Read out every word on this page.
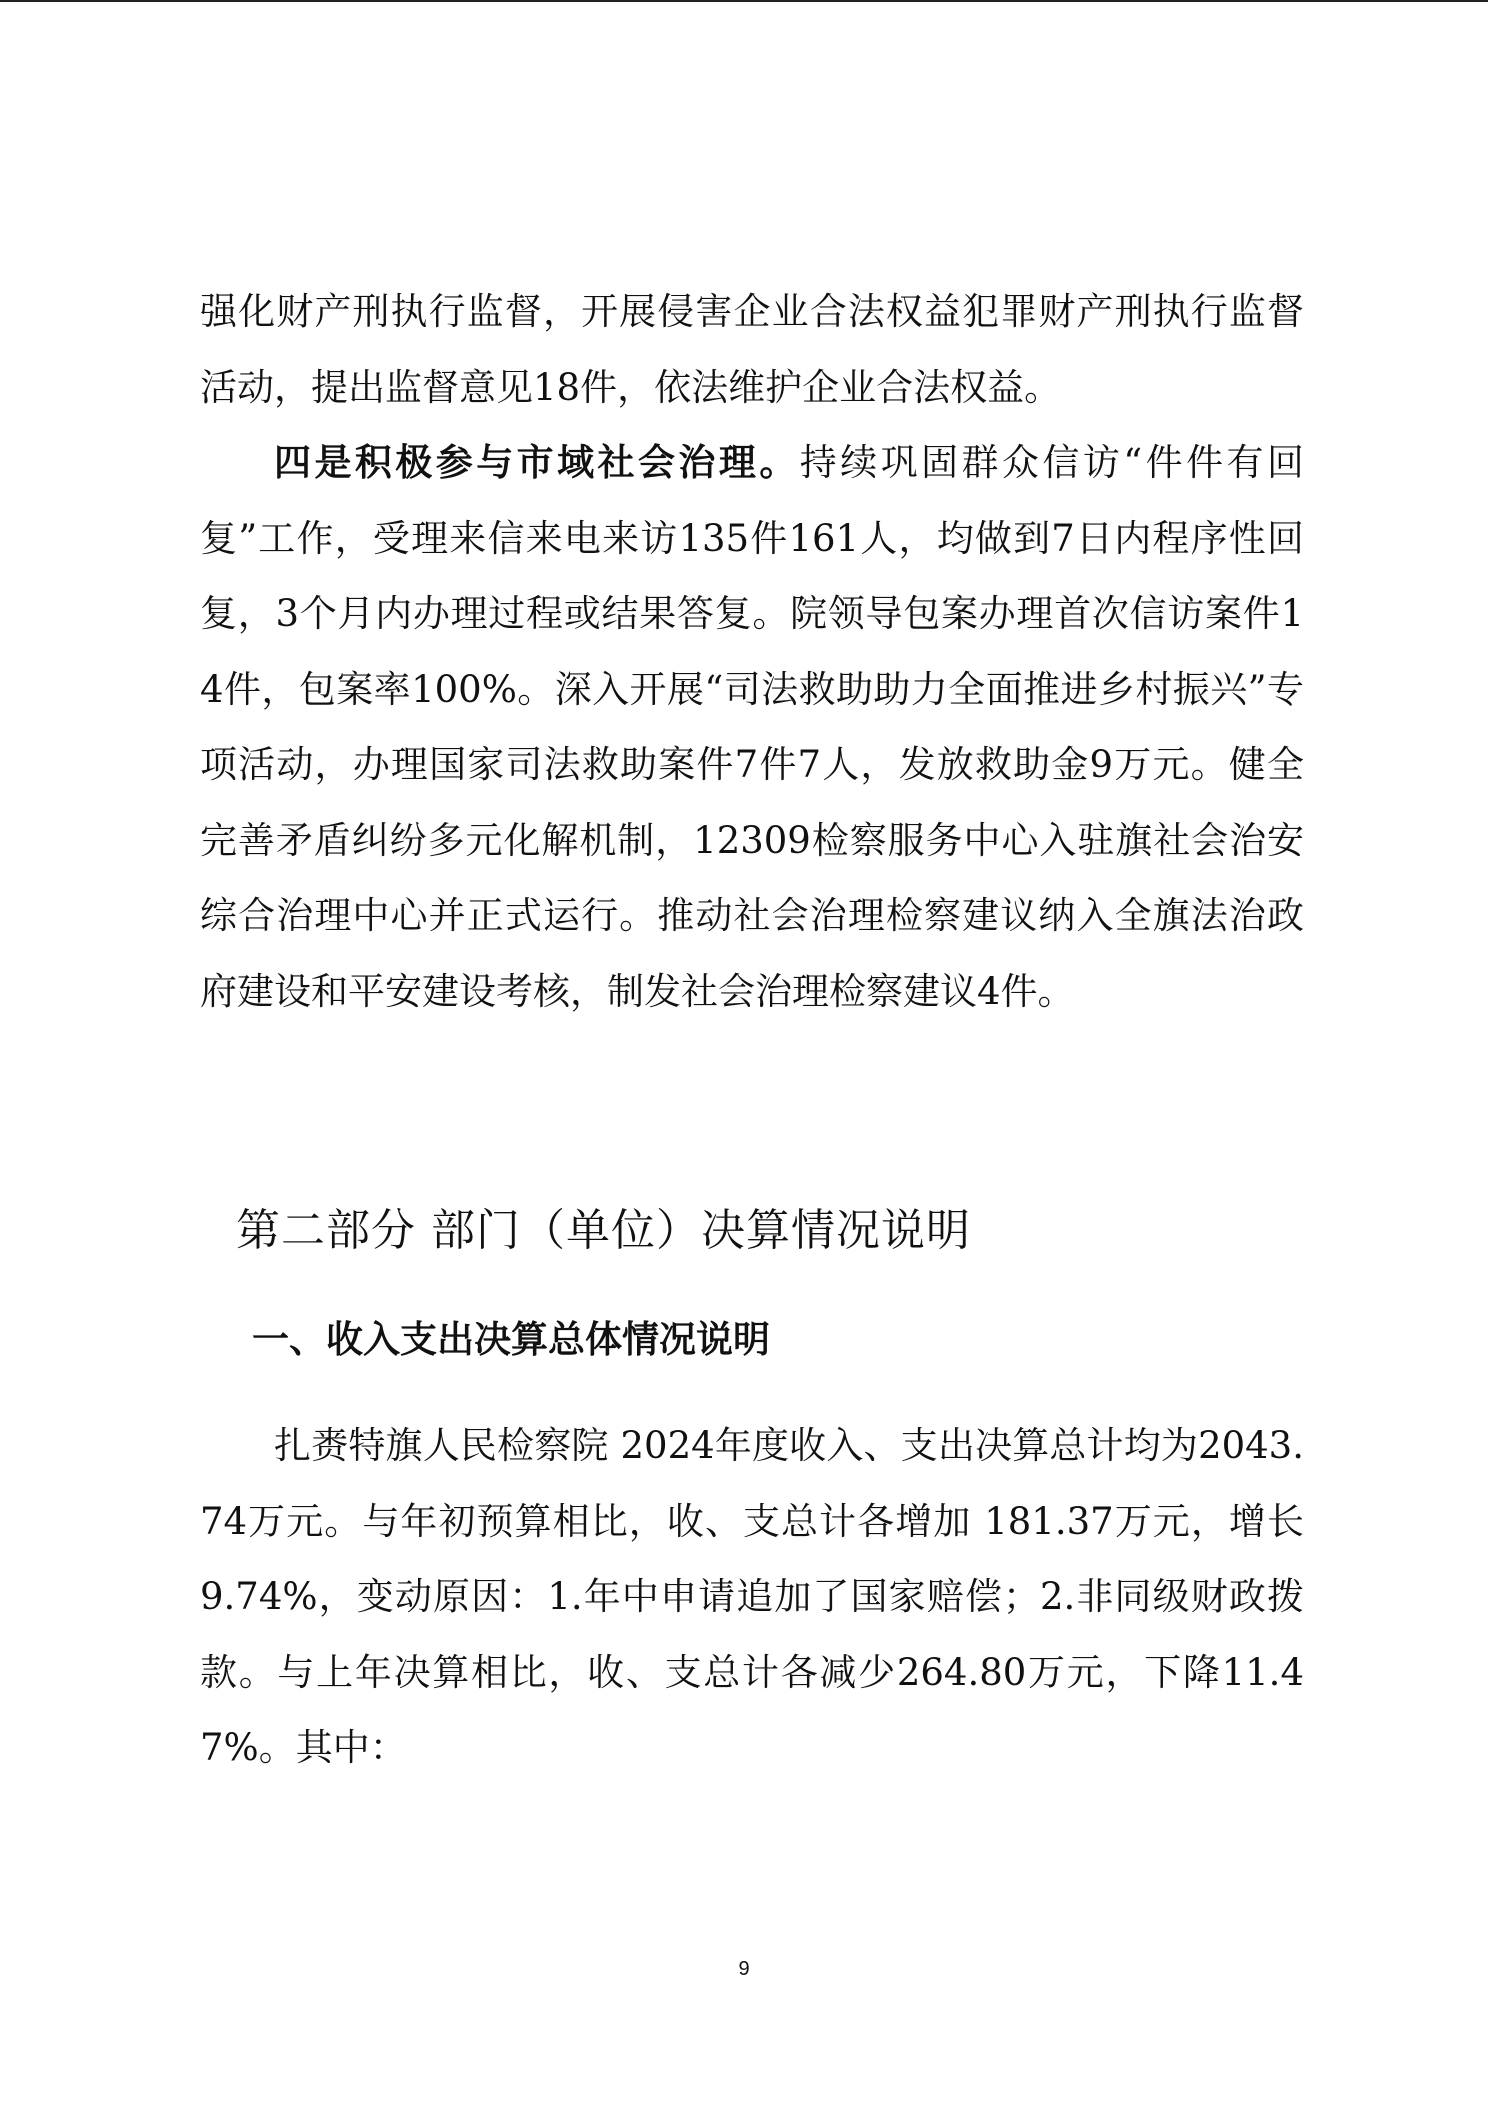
强化财产刑执行监督，开展侵害企业合法权益犯罪财产刑执行监督活动，提出监督意见18件，依法维护企业合法权益。

四是积极参与市域社会治理。持续巩固群众信访“件件有回复”工作，受理来信来电来访135件161人，均做到7日内程序性回复，3个月内办理过程或结果答复。院领导包案办理首次信访案件14件，包案率100%。深入开展“司法救助助力全面推进乡村振兴”专项活动，办理国家司法救助案件7件7人，发放救助金9万元。健全完善矛盾纠纷多元化解机制，12309检察服务中心入驻旗社会治安综合治理中心并正式运行。推动社会治理检察建议纳入全旗法治政府建设和平安建设考核，制发社会治理检察建议4件。

第二部分 部门（单位）决算情况说明
一、收入支出决算总体情况说明

扎赉特旗人民检察院 2024年度收入、支出决算总计均为2043.74万元。与年初预算相比，收、支总计各增加 181.37万元，增长 9.74%，变动原因：1.年中申请追加了国家赔偿；2.非同级财政拨款。与上年决算相比，收、支总计各减少264.80万元，下降11.47%。其中：

9
